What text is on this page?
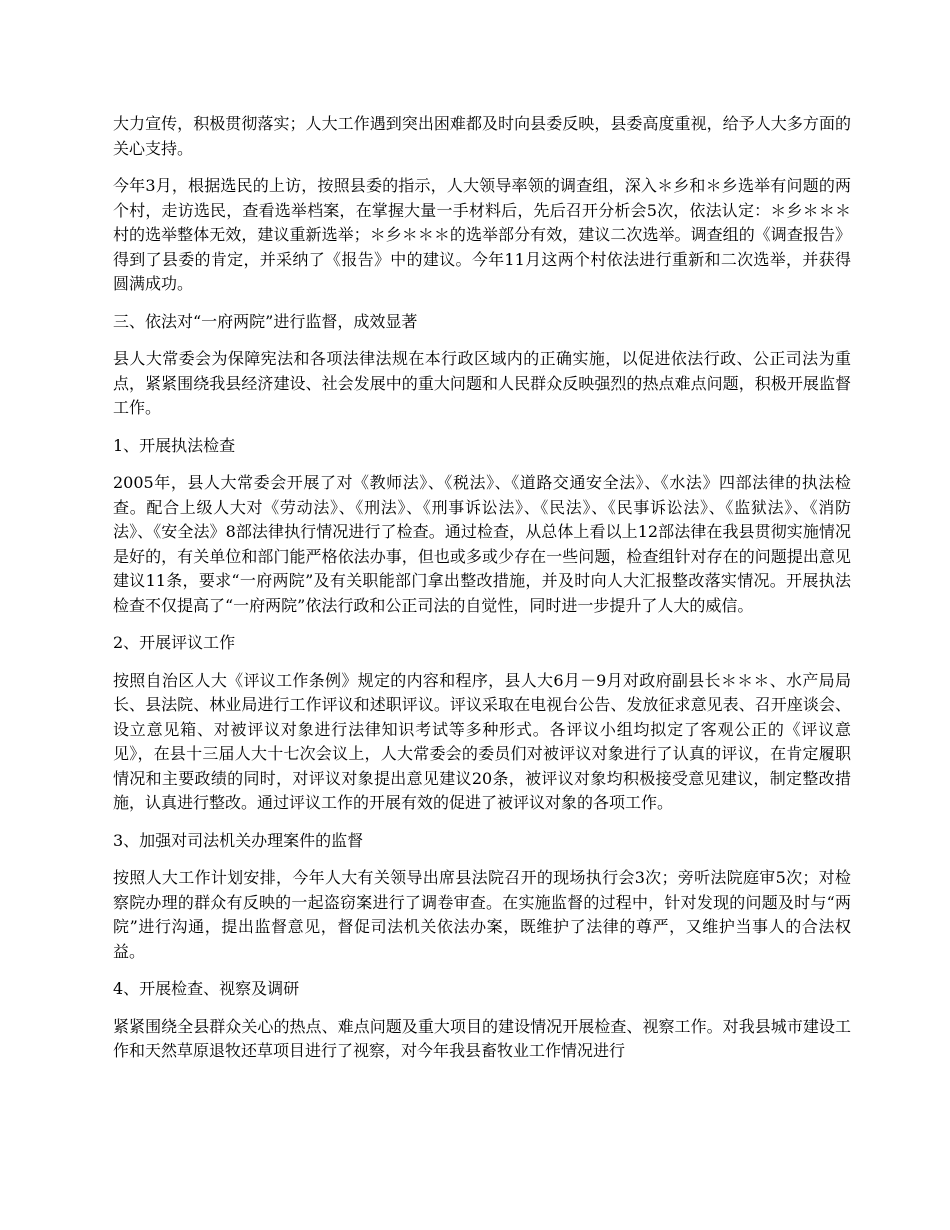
大力宣传，积极贯彻落实；人大工作遇到突出困难都及时向县委反映，县委高度重视，给予人大多方面的关心支持。

今年3月，根据选民的上访，按照县委的指示，人大领导率领的调查组，深入＊乡和＊乡选举有问题的两个村，走访选民，查看选举档案，在掌握大量一手材料后，先后召开分析会5次，依法认定：＊乡＊＊＊村的选举整体无效，建议重新选举；＊乡＊＊＊的选举部分有效，建议二次选举。调查组的《调查报告》得到了县委的肯定，并采纳了《报告》中的建议。今年11月这两个村依法进行重新和二次选举，并获得圆满成功。

三、依法对“一府两院”进行监督，成效显著

县人大常委会为保障宪法和各项法律法规在本行政区域内的正确实施，以促进依法行政、公正司法为重点，紧紧围绕我县经济建设、社会发展中的重大问题和人民群众反映强烈的热点难点问题，积极开展监督工作。

1、开展执法检查

2005年，县人大常委会开展了对《教师法》、《税法》、《道路交通安全法》、《水法》四部法律的执法检查。配合上级人大对《劳动法》、《刑法》、《刑事诉讼法》、《民法》、《民事诉讼法》、《监狱法》、《消防法》、《安全法》8部法律执行情况进行了检查。通过检查，从总体上看以上12部法律在我县贯彻实施情况是好的，有关单位和部门能严格依法办事，但也或多或少存在一些问题，检查组针对存在的问题提出意见建议11条，要求“一府两院”及有关职能部门拿出整改措施，并及时向人大汇报整改落实情况。开展执法检查不仅提高了“一府两院”依法行政和公正司法的自觉性，同时进一步提升了人大的威信。

2、开展评议工作

按照自治区人大《评议工作条例》规定的内容和程序，县人大6月－9月对政府副县长＊＊＊、水产局局长、县法院、林业局进行工作评议和述职评议。评议采取在电视台公告、发放征求意见表、召开座谈会、设立意见箱、对被评议对象进行法律知识考试等多种形式。各评议小组均拟定了客观公正的《评议意见》，在县十三届人大十七次会议上，人大常委会的委员们对被评议对象进行了认真的评议，在肯定履职情况和主要政绩的同时，对评议对象提出意见建议20条，被评议对象均积极接受意见建议，制定整改措施，认真进行整改。通过评议工作的开展有效的促进了被评议对象的各项工作。

3、加强对司法机关办理案件的监督

按照人大工作计划安排，今年人大有关领导出席县法院召开的现场执行会3次；旁听法院庭审5次；对检察院办理的群众有反映的一起盗窃案进行了调卷审查。在实施监督的过程中，针对发现的问题及时与“两院”进行沟通，提出监督意见，督促司法机关依法办案，既维护了法律的尊严，又维护当事人的合法权益。

4、开展检查、视察及调研

紧紧围绕全县群众关心的热点、难点问题及重大项目的建设情况开展检查、视察工作。对我县城市建设工作和天然草原退牧还草项目进行了视察，对今年我县畜牧业工作情况进行
